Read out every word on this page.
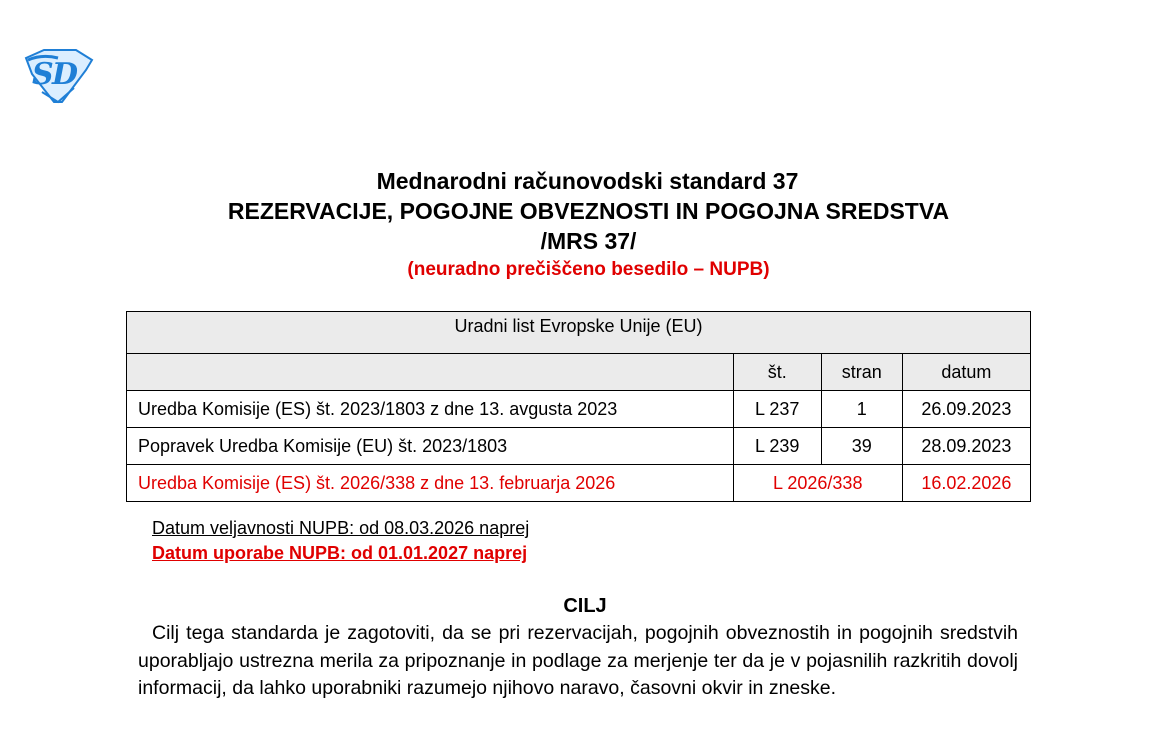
S
D
Mednarodni računovodski standard 37
REZERVACIJE, POGOJNE OBVEZNOSTI IN POGOJNA SREDSTVA
/MRS 37/
(neuradno prečiščeno besedilo – NUPB)
Uradni list Evropske Unije (EU)			
	št.	stran	datum
Uredba Komisije (ES) št. 2023/1803 z dne 13. avgusta 2023	L 237	1	26.09.2023
Popravek Uredba Komisije (EU) št. 2023/1803	L 239	39	28.09.2023
Uredba Komisije (ES) št. 2026/338 z dne 13. februarja 2026	L 2026/338		16.02.2026
Datum veljavnosti NUPB: od 08.03.2026 naprej
Datum uporabe NUPB: od 01.01.2027 naprej
CILJ
Cilj tega standarda je zagotoviti, da se pri rezervacijah, pogojnih obveznostih in pogojnih sredstvih uporabljajo ustrezna merila za pripoznanje in podlage za merjenje ter da je v pojasnilih razkritih dovolj informacij, da lahko uporabniki razumejo njihovo naravo, časovni okvir in zneske.
